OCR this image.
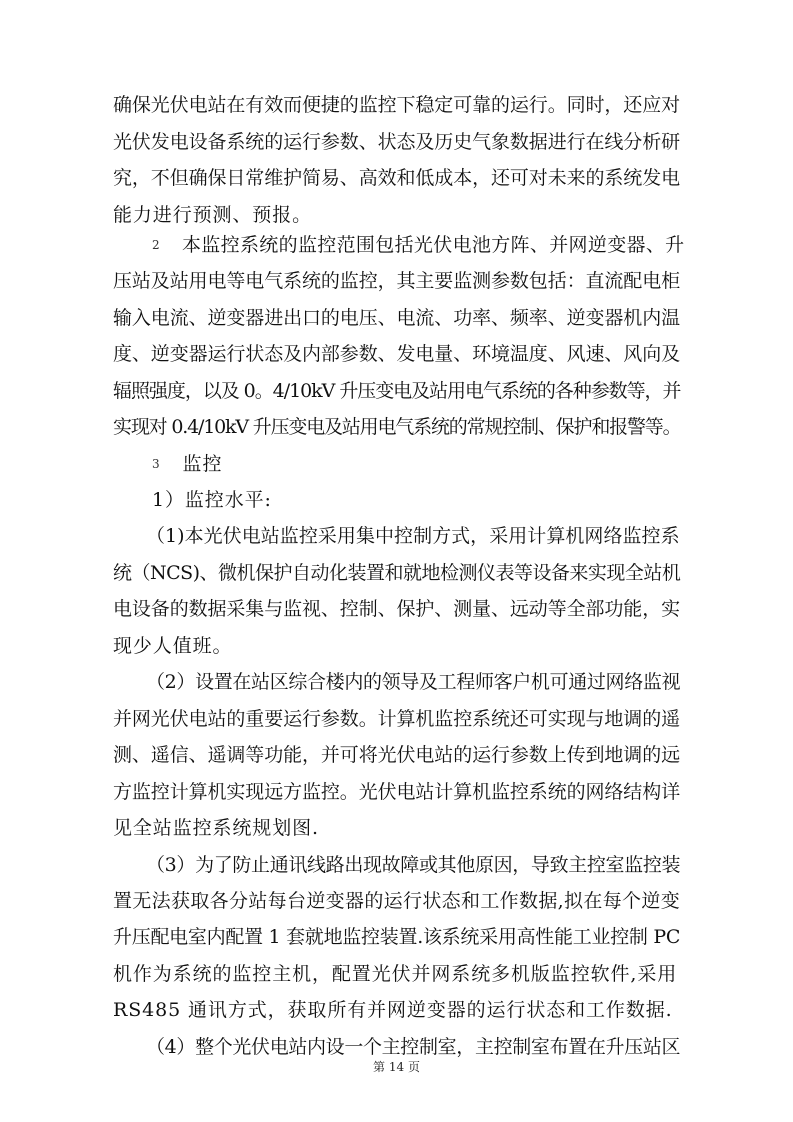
确保光伏电站在有效而便捷的监控下稳定可靠的运行。同时，还应对
光伏发电设备系统的运行参数、状态及历史气象数据进行在线分析研
究，不但确保日常维护简易、高效和低成本，还可对未来的系统发电
能力进行预测、预报。
2 本监控系统的监控范围包括光伏电池方阵、并网逆变器、升
压站及站用电等电气系统的监控，其主要监测参数包括：直流配电柜
输入电流、逆变器进出口的电压、电流、功率、频率、逆变器机内温
度、逆变器运行状态及内部参数、发电量、环境温度、风速、风向及
辐照强度，以及 0。4/10kV 升压变电及站用电气系统的各种参数等，并
实现对 0.4/10kV 升压变电及站用电气系统的常规控制、保护和报警等。
3 监控
1）监控水平:
（1)本光伏电站监控采用集中控制方式，采用计算机网络监控系
统（NCS)、微机保护自动化装置和就地检测仪表等设备来实现全站机
电设备的数据采集与监视、控制、保护、测量、远动等全部功能，实
现少人值班。
（2）设置在站区综合楼内的领导及工程师客户机可通过网络监视
并网光伏电站的重要运行参数。计算机监控系统还可实现与地调的遥
测、遥信、遥调等功能，并可将光伏电站的运行参数上传到地调的远
方监控计算机实现远方监控。光伏电站计算机监控系统的网络结构详
见全站监控系统规划图.
（3）为了防止通讯线路出现故障或其他原因，导致主控室监控装
置无法获取各分站每台逆变器的运行状态和工作数据,拟在每个逆变
升压配电室内配置 1 套就地监控装置.该系统采用高性能工业控制 PC
机作为系统的监控主机，配置光伏并网系统多机版监控软件,采用
RS485 通讯方式，获取所有并网逆变器的运行状态和工作数据.
（4）整个光伏电站内设一个主控制室，主控制室布置在升压站区
第 14 页
